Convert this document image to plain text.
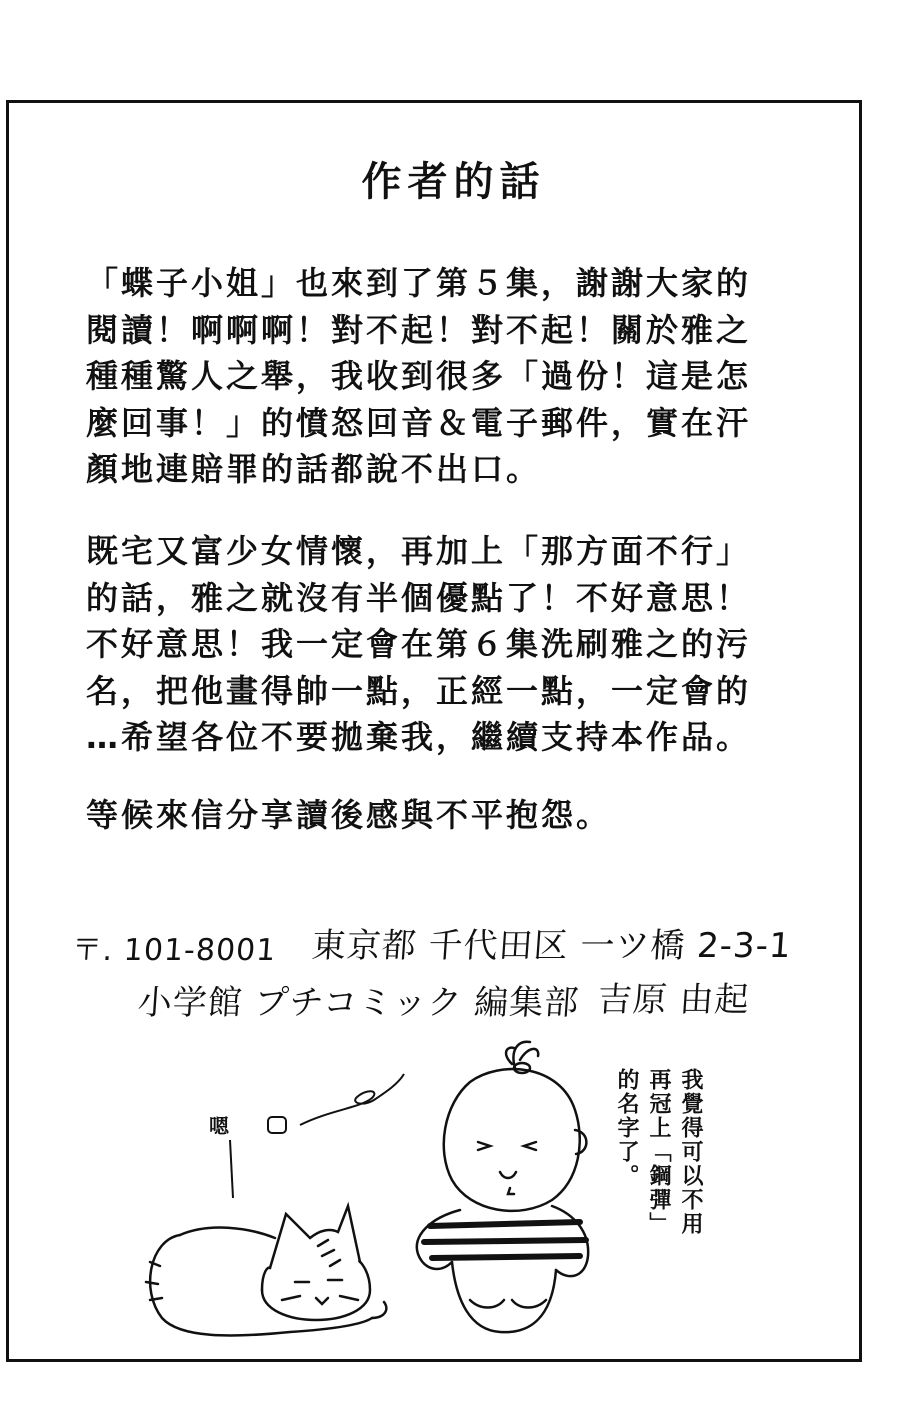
作者的話
「蝶子小姐」也來到了第５集，謝謝大家的
閱讀！啊啊啊！對不起！對不起！關於雅之
種種驚人之舉，我收到很多「過份！這是怎
麼回事！」的憤怒回音＆電子郵件，實在汗
顏地連賠罪的話都說不出口。
既宅又富少女情懷，再加上「那方面不行」
的話，雅之就沒有半個優點了！不好意思！
不好意思！我一定會在第６集洗刷雅之的污
名，把他畫得帥一點，正經一點，一定會的
…希望各位不要拋棄我，繼續支持本作品。
等候來信分享讀後感與不平抱怨。
〒. 101-8001 東京都 千代田区 一ツ橋 2-3-1
小学館 プチコミック 編集部 吉原 由起
我覺得可以不用
再冠上「鋼彈」
的名字了。
嗯
